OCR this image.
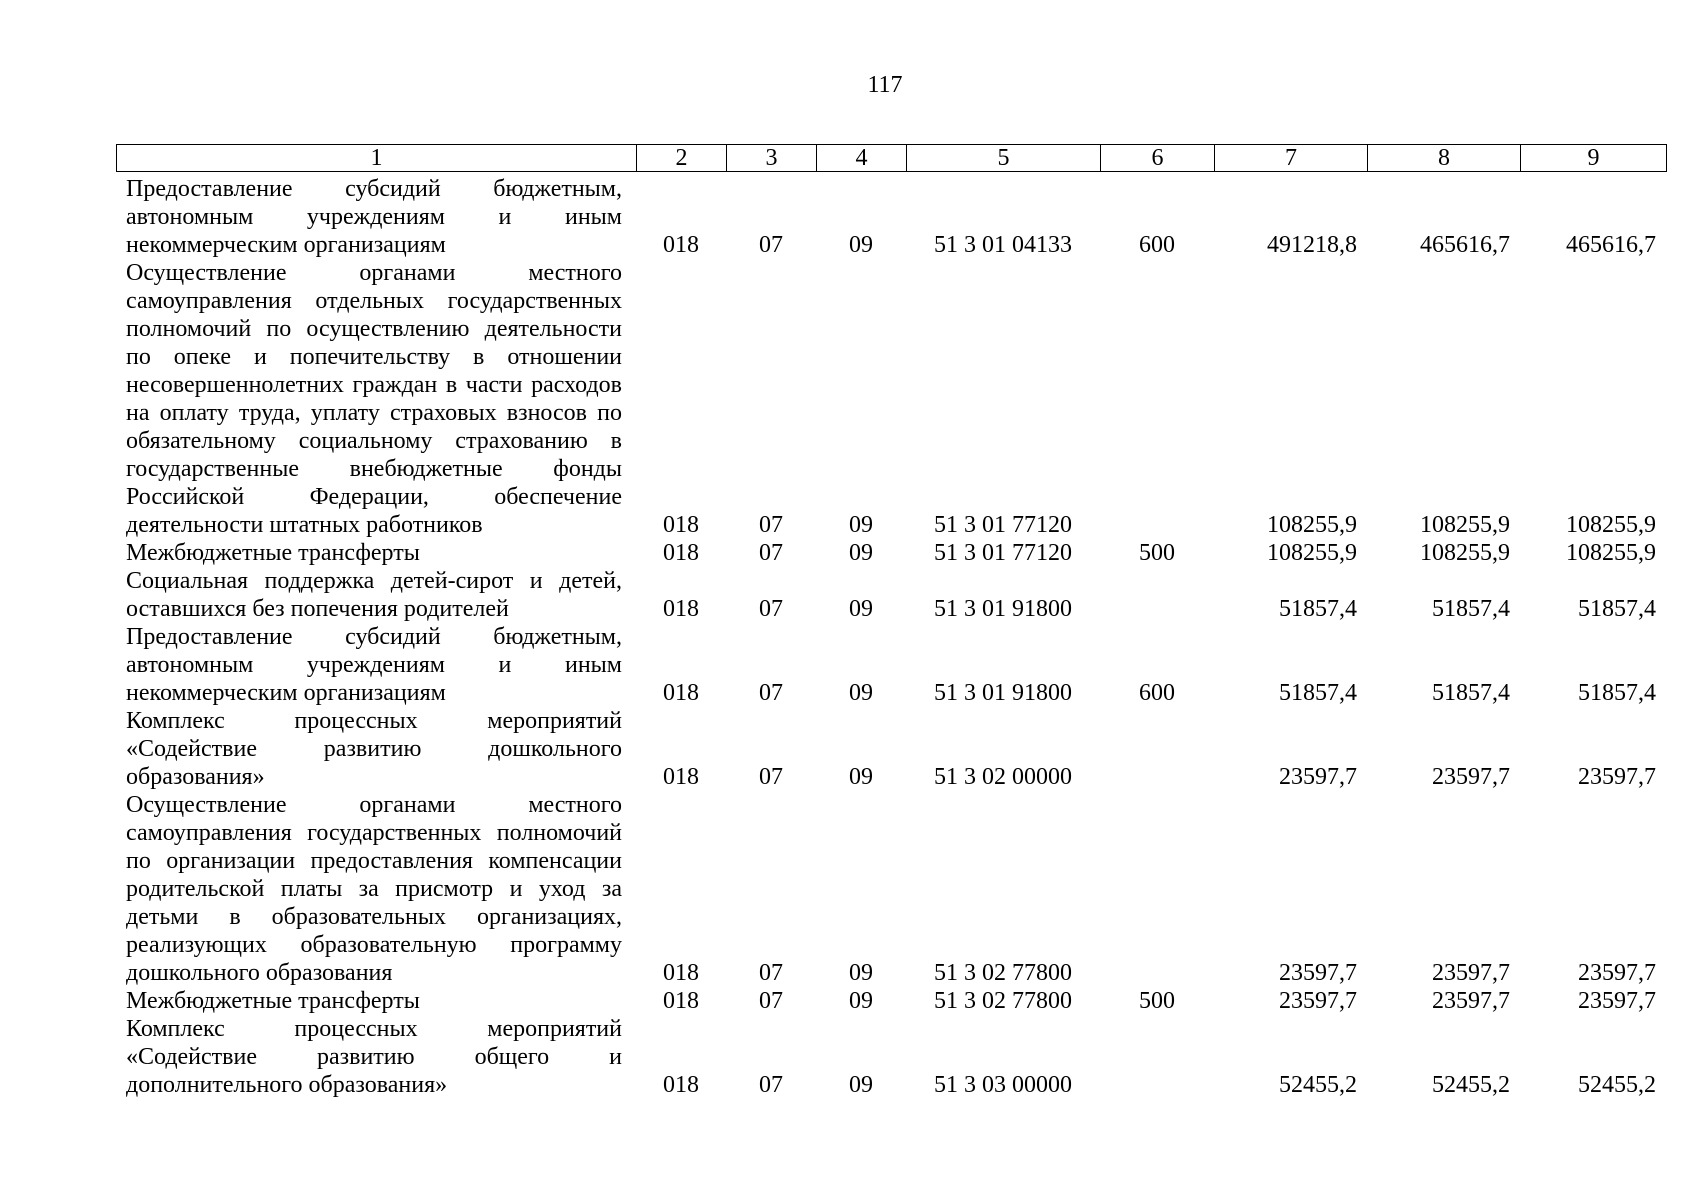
117
1	2	3	4	5	6	7	8	9
Предоставление субсидий бюджетным, автономным учреждениям и иным некоммерческим организациям	018	07	09	51 3 01 04133	600	491218,8	465616,7	465616,7
Осуществление органами местного самоуправления отдельных государственных полномочий по осуществлению деятельности по опеке и попечительству в отношении несовершеннолетних граждан в части расходов на оплату труда, уплату страховых взносов по обязательному социальному страхованию в государственные внебюджетные фонды Российской Федерации, обеспечение деятельности штатных работников	018	07	09	51 3 01 77120		108255,9	108255,9	108255,9
Межбюджетные трансферты	018	07	09	51 3 01 77120	500	108255,9	108255,9	108255,9
Социальная поддержка детей-сирот и детей, оставшихся без попечения родителей	018	07	09	51 3 01 91800		51857,4	51857,4	51857,4
Предоставление субсидий бюджетным, автономным учреждениям и иным некоммерческим организациям	018	07	09	51 3 01 91800	600	51857,4	51857,4	51857,4
Комплекс процессных мероприятий «Содействие развитию дошкольного образования»	018	07	09	51 3 02 00000		23597,7	23597,7	23597,7
Осуществление органами местного самоуправления государственных полномочий по организации предоставления компенсации родительской платы за присмотр и уход за детьми в образовательных организациях, реализующих образовательную программу дошкольного образования	018	07	09	51 3 02 77800		23597,7	23597,7	23597,7
Межбюджетные трансферты	018	07	09	51 3 02 77800	500	23597,7	23597,7	23597,7
Комплекс процессных мероприятий «Содействие развитию общего и дополнительного образования»	018	07	09	51 3 03 00000		52455,2	52455,2	52455,2
